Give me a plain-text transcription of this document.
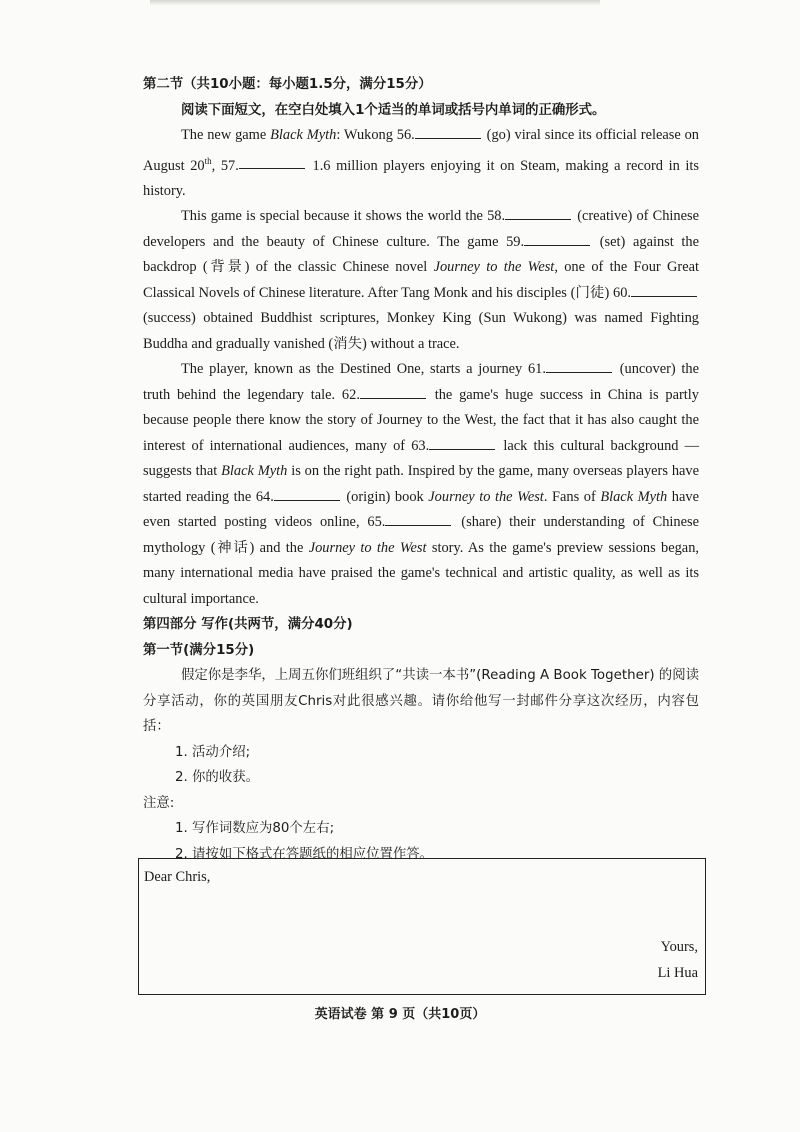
第二节（共10小题：每小题1.5分，满分15分）

阅读下面短文，在空白处填入1个适当的单词或括号内单词的正确形式。

The new game Black Myth: Wukong 56.	(go) viral since its official release on August 20th, 57.	1.6 million players enjoying it on Steam, making a record in its history.

This game is special because it shows the world the 58.	(creative) of Chinese developers and the beauty of Chinese culture. The game 59.	(set) against the backdrop (背景) of the classic Chinese novel Journey to the West, one of the Four Great Classical Novels of Chinese literature. After Tang Monk and his disciples (门徒) 60. (success) obtained Buddhist scriptures, Monkey King (Sun Wukong) was named Fighting Buddha and gradually vanished (消失) without a trace.

The player, known as the Destined One, starts a journey 61.	(uncover) the truth behind the legendary tale. 62.	the game's huge success in China is partly because people there know the story of Journey to the West, the fact that it has also caught the interest of international audiences, many of 63.	lack this cultural background — suggests that Black Myth is on the right path. Inspired by the game, many overseas players have started reading the 64.	(origin) book Journey to the West. Fans of Black Myth have even started posting videos online, 65.	(share) their understanding of Chinese mythology (神话) and the Journey to the West story. As the game's preview sessions began, many international media have praised the game's technical and artistic quality, as well as its cultural importance.

第四部分 写作(共两节，满分40分)

第一节(满分15分)

假定你是李华，上周五你们班组织了“共读一本书”(Reading A Book Together) 的阅读分享活动，你的英国朋友Chris对此很感兴趣。请你给他写一封邮件分享这次经历，内容包括：

1. 活动介绍;

2. 你的收获。

注意:

1. 写作词数应为80个左右;

2. 请按如下格式在答题纸的相应位置作答。

Dear Chris,
Yours,
Li Hua
英语试卷 第 9 页（共10页）
